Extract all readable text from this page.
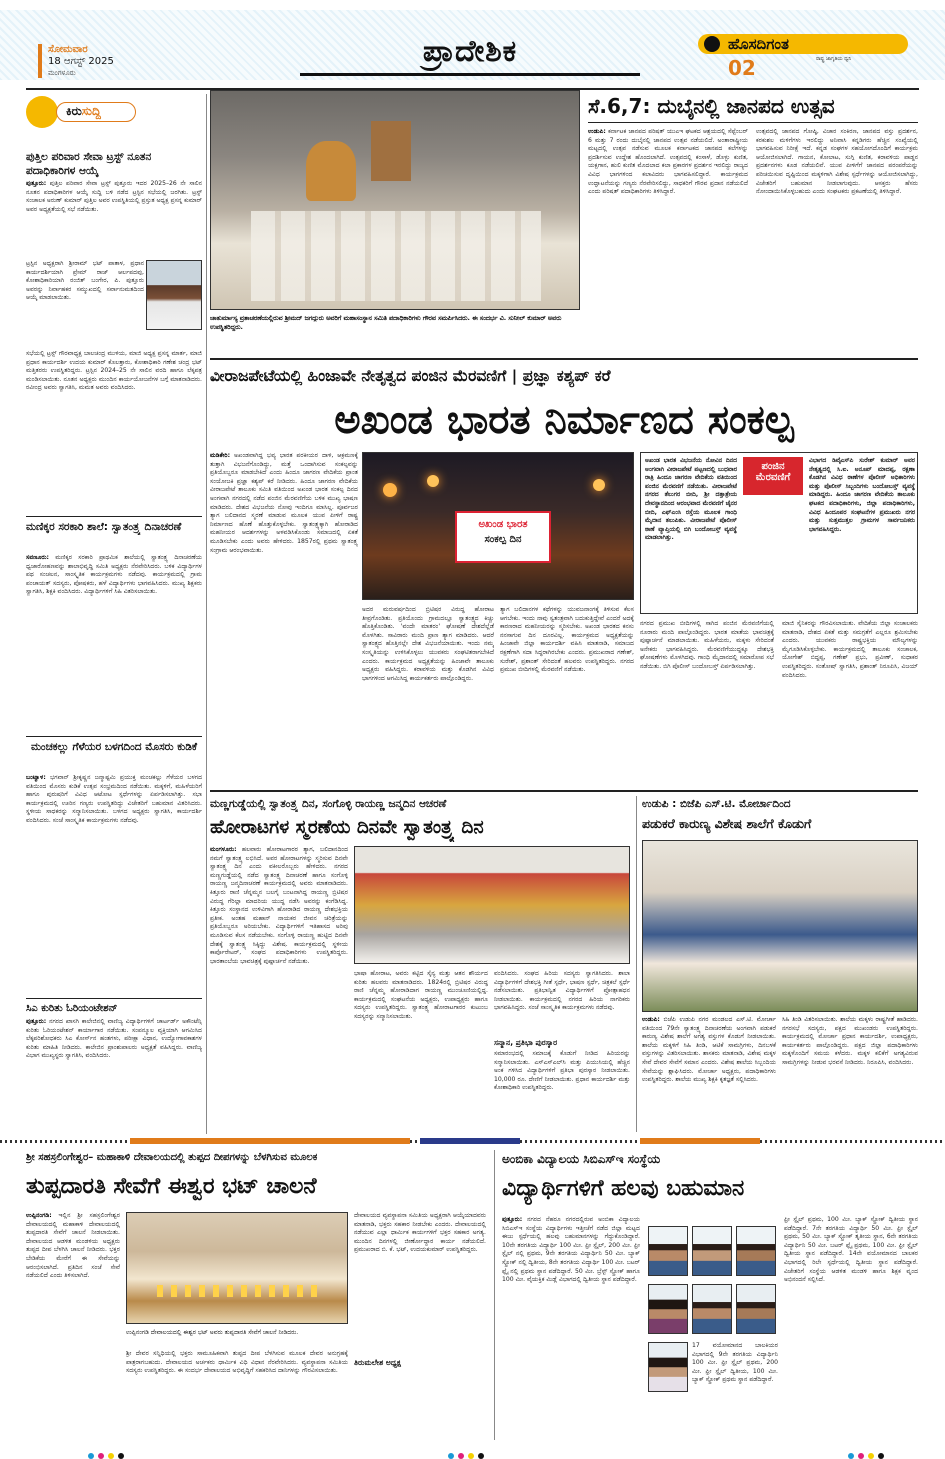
ಸೋಮವಾರ
18 ಆಗಸ್ಟ್ 2025
ಮಂಗಳೂರು
ಪ್ರಾದೇಶಿಕ	ಹೊಸದಿಗಂತ
ರಾಷ್ಟ್ರ ಜಾಗೃತಿಯ ಧ್ವನಿ
02
ಕಿರುಸುದ್ದಿ
ಪುತ್ತಿಲ ಪರಿವಾರ ಸೇವಾ ಟ್ರಸ್ಟ್ ನೂತನ ಪದಾಧಿಕಾರಿಗಳ ಆಯ್ಕೆ
ಪುತ್ತೂರು: ಪುತ್ತಿಲ ಪರಿವಾರ ಸೇವಾ ಟ್ರಸ್ಟ್ ಪುತ್ತೂರು ಇದರ 2025–26 ನೇ ಸಾಲಿನ ನೂತನ ಪದಾಧಿಕಾರಿಗಳ ಆಯ್ಕೆ ಸುದ್ದಿ ಬಳಿ ನಡೆದ ಟ್ರಸ್ಟಿನ ಸಭೆಯಲ್ಲಿ ಜರಗಿತು. ಟ್ರಸ್ಟ್ ಸಂಚಾಲಕ ಅರುಣ್ ಕುಮಾರ್ ಪುತ್ತಿಲ ಅವರ ಉಪಸ್ಥಿತಿಯಲ್ಲಿ ಪ್ರಸ್ತುತ ಅಧ್ಯಕ್ಷ ಪ್ರಸನ್ನ ಕುಮಾರ್ ಅವರ ಅಧ್ಯಕ್ಷತೆಯಲ್ಲಿ ಸಭೆ ನಡೆಯಿತು.
ಟ್ರಸ್ಟಿನ ಅಧ್ಯಕ್ಷರಾಗಿ ಶ್ರೀರಾಮ್ ಭಟ್ ಪಾತಾಳ, ಪ್ರಧಾನ ಕಾರ್ಯದರ್ಶಿಯಾಗಿ ಪ್ರೇಮ್ ರಾಜ್ ಆರ್ಲಪದವು, ಕೋಶಾಧಿಕಾರಿಯಾಗಿ ರಂಜಿತ್ ಬಂಗೇರ, ಪಿ. ಪುತ್ತೂರು ಅವರನ್ನು ನಿರ್ವಾಹಕರ ಸಮ್ಮುಖದಲ್ಲಿ ಸರ್ವಾನುಮತದಿಂದ ಆಯ್ಕೆ ಮಾಡಲಾಯಿತು.
ಸಭೆಯಲ್ಲಿ ಟ್ರಸ್ಟ್ ಗೌರವಾಧ್ಯಕ್ಷ ಬಾಲಚಂದ್ರ ಮುಳಿಯ, ಮಾಜಿ ಅಧ್ಯಕ್ಷ ಪ್ರಸನ್ನ ಮಾರ್ತ, ಮಾಜಿ ಪ್ರಧಾನ ಕಾರ್ಯದರ್ಶಿ ಉದಯ ಕುಮಾರ್ ಕೊಲತ್ತಾರು, ಕೋಶಾಧಿಕಾರಿ ಗಣೇಶ ಚಂದ್ರ ಭಟ್ ಮತ್ತಿತರರು ಉಪಸ್ಥಿತರಿದ್ದರು. ಟ್ರಸ್ಟಿನ 2024–25 ನೇ ಸಾಲಿನ ವರದಿ ಹಾಗೂ ಲೆಕ್ಕಪತ್ರ ಮಂಡಿಸಲಾಯಿತು. ನೂತನ ಅಧ್ಯಕ್ಷರು ಮುಂದಿನ ಕಾರ್ಯಯೋಜನೆಗಳ ಬಗ್ಗೆ ಮಾತನಾಡಿದರು. ರವೀಂದ್ರ ಅವರು ಸ್ವಾಗತಿಸಿ, ಮಮತ ಅವರು ವಂದಿಸಿದರು.
ಮಣಿಕ್ಕರ ಸರಕಾರಿ ಶಾಲೆ: ಸ್ವಾತಂತ್ರ್ಯ ದಿನಾಚರಣೆ
ಸವಣೂರು: ಮಣಿಕ್ಕರ ಸರಕಾರಿ ಪ್ರಾಥಮಿಕ ಶಾಲೆಯಲ್ಲಿ ಸ್ವಾತಂತ್ರ್ಯ ದಿನಾಚರಣೆಯ ಧ್ವಜಾರೋಹಣವನ್ನು ಶಾಲಾಭಿವೃದ್ಧಿ ಸಮಿತಿ ಅಧ್ಯಕ್ಷರು ನೆರವೇರಿಸಿದರು. ಬಳಿಕ ವಿದ್ಯಾರ್ಥಿಗಳ ಪಥ ಸಂಚಲನ, ಸಾಂಸ್ಕೃತಿಕ ಕಾರ್ಯಕ್ರಮಗಳು ನಡೆದವು. ಕಾರ್ಯಕ್ರಮದಲ್ಲಿ ಗ್ರಾಮ ಪಂಚಾಯತ್ ಸದಸ್ಯರು, ಪೋಷಕರು, ಹಳೆ ವಿದ್ಯಾರ್ಥಿಗಳು ಭಾಗವಹಿಸಿದರು. ಮುಖ್ಯ ಶಿಕ್ಷಕರು ಸ್ವಾಗತಿಸಿ, ಶಿಕ್ಷಕಿ ವಂದಿಸಿದರು. ವಿದ್ಯಾರ್ಥಿಗಳಿಗೆ ಸಿಹಿ ವಿತರಿಸಲಾಯಿತು.
ಮಂಚಕಲ್ಲು ಗೆಳೆಯರ ಬಳಗದಿಂದ ಮೊಸರು ಕುಡಿಕೆ
ಬಂಟ್ವಾಳ: ಭಗವಾನ್ ಶ್ರೀಕೃಷ್ಣನ ಜನ್ಮಾಷ್ಟಮಿ ಪ್ರಯುಕ್ತ ಮಂಚಕಲ್ಲು ಗೆಳೆಯರ ಬಳಗದ ವತಿಯಿಂದ ಮೊಸರು ಕುಡಿಕೆ ಉತ್ಸವ ಸಂಭ್ರಮದಿಂದ ನಡೆಯಿತು. ಮಕ್ಕಳಿಗೆ, ಮಹಿಳೆಯರಿಗೆ ಹಾಗೂ ಪುರುಷರಿಗೆ ವಿವಿಧ ಆಟೋಟ ಸ್ಪರ್ಧೆಗಳನ್ನು ಏರ್ಪಡಿಸಲಾಗಿತ್ತು. ಸಭಾ ಕಾರ್ಯಕ್ರಮದಲ್ಲಿ ಊರಿನ ಗಣ್ಯರು ಉಪಸ್ಥಿತರಿದ್ದು ವಿಜೇತರಿಗೆ ಬಹುಮಾನ ವಿತರಿಸಿದರು. ಸ್ಥಳೀಯ ಸಾಧಕರನ್ನು ಸನ್ಮಾನಿಸಲಾಯಿತು. ಬಳಗದ ಅಧ್ಯಕ್ಷರು ಸ್ವಾಗತಿಸಿ, ಕಾರ್ಯದರ್ಶಿ ವಂದಿಸಿದರು. ಸಂಜೆ ಸಾಂಸ್ಕೃತಿಕ ಕಾರ್ಯಕ್ರಮಗಳು ನಡೆದವು.
ಸಿಎ ಕುರಿತು ಓರಿಯಂಟೇಶನ್
ಪುತ್ತೂರು: ನಗರದ ಖಾಸಗಿ ಕಾಲೇಜಿನಲ್ಲಿ ವಾಣಿಜ್ಯ ವಿದ್ಯಾರ್ಥಿಗಳಿಗೆ ಚಾರ್ಟರ್ಡ್ ಅಕೌಂಟೆನ್ಸಿ ಕುರಿತು ಓರಿಯಂಟೇಶನ್ ಕಾರ್ಯಾಗಾರ ನಡೆಯಿತು. ಸಂಪನ್ಮೂಲ ವ್ಯಕ್ತಿಯಾಗಿ ಆಗಮಿಸಿದ ಲೆಕ್ಕಪರಿಶೋಧಕರು ಸಿಎ ಕೋರ್ಸ್‌ನ ಹಂತಗಳು, ಪರೀಕ್ಷಾ ವಿಧಾನ, ಉದ್ಯೋಗಾವಕಾಶಗಳ ಕುರಿತು ಮಾಹಿತಿ ನೀಡಿದರು. ಕಾಲೇಜಿನ ಪ್ರಾಂಶುಪಾಲರು ಅಧ್ಯಕ್ಷತೆ ವಹಿಸಿದ್ದರು. ವಾಣಿಜ್ಯ ವಿಭಾಗ ಮುಖ್ಯಸ್ಥರು ಸ್ವಾಗತಿಸಿ, ವಂದಿಸಿದರು.
ಚಾತುರ್ಮಾಸ್ಯ ವ್ರತಾಚರಣೆಯಲ್ಲಿರುವ ಶ್ರೀಮದ್ ಜಗದ್ಗುರು ಅವರಿಗೆ ಮಹಾಸಂಸ್ಥಾನ ಸಮಿತಿ ಪದಾಧಿಕಾರಿಗಳು ಗೌರವ ಸಮರ್ಪಿಸಿದರು. ಈ ಸಂದರ್ಭ ವಿ. ಸುನೀಲ್ ಕುಮಾರ್ ಅವರು ಉಪಸ್ಥಿತರಿದ್ದರು.
ಸೆ.6,7: ದುಬೈನಲ್ಲಿ ಜಾನಪದ ಉತ್ಸವ
ಉಡುಪಿ: ಕರ್ನಾಟಕ ಜಾನಪದ ಪರಿಷತ್ ಯುಎಇ ಘಟಕದ ಆಶ್ರಯದಲ್ಲಿ ಸೆಪ್ಟೆಂಬರ್ 6 ಮತ್ತು 7 ರಂದು ದುಬೈನಲ್ಲಿ ಜಾನಪದ ಉತ್ಸವ ನಡೆಯಲಿದೆ. ಅಂತಾರಾಷ್ಟ್ರೀಯ ಮಟ್ಟದಲ್ಲಿ ಉತ್ಸವ ನಡೆಸುವ ಮೂಲಕ ಕರ್ನಾಟಕದ ಜಾನಪದ ಕಲೆಗಳನ್ನು ಪ್ರದರ್ಶಿಸುವ ಉದ್ದೇಶ ಹೊಂದಲಾಗಿದೆ. ಉತ್ಸವದಲ್ಲಿ ಕಂಸಾಳೆ, ಡೊಳ್ಳು ಕುಣಿತ, ಯಕ್ಷಗಾನ, ಹುಲಿ ಕುಣಿತ ಮೊದಲಾದ ಕಲಾ ಪ್ರಕಾರಗಳ ಪ್ರದರ್ಶನ ಇರಲಿದ್ದು ರಾಜ್ಯದ ವಿವಿಧ ಭಾಗಗಳಿಂದ ಕಲಾವಿದರು ಭಾಗವಹಿಸಲಿದ್ದಾರೆ. ಕಾರ್ಯಕ್ರಮದ ಉದ್ಘಾಟನೆಯನ್ನು ಗಣ್ಯರು ನೆರವೇರಿಸಲಿದ್ದು, ಸಾಧಕರಿಗೆ ಗೌರವ ಪ್ರದಾನ ನಡೆಯಲಿದೆ ಎಂದು ಪರಿಷತ್ ಪದಾಧಿಕಾರಿಗಳು ತಿಳಿಸಿದ್ದಾರೆ.
ಉತ್ಸವದಲ್ಲಿ ಜಾನಪದ ಗೋಷ್ಠಿ, ವಿಚಾರ ಸಂಕಿರಣ, ಜಾನಪದ ವಸ್ತು ಪ್ರದರ್ಶನ, ಕರಕುಶಲ ಮಳಿಗೆಗಳು ಇರಲಿದ್ದು ಅನಿವಾಸಿ ಕನ್ನಡಿಗರು ಹೆಚ್ಚಿನ ಸಂಖ್ಯೆಯಲ್ಲಿ ಭಾಗವಹಿಸುವ ನಿರೀಕ್ಷೆ ಇದೆ. ಕನ್ನಡ ಸಂಘಗಳ ಸಹಯೋಗದೊಂದಿಗೆ ಕಾರ್ಯಕ್ರಮ ಆಯೋಜಿಸಲಾಗಿದೆ. ಗಾಯನ, ಕೋಲಾಟ, ಸುಗ್ಗಿ ಕುಣಿತ, ಕರಾವಳಿಯ ಪಾಡ್ದನ ಪ್ರದರ್ಶನಗಳು ಕೂಡ ನಡೆಯಲಿವೆ. ಯುವ ಪೀಳಿಗೆಗೆ ಜಾನಪದ ಪರಂಪರೆಯನ್ನು ಪರಿಚಯಿಸುವ ದೃಷ್ಟಿಯಿಂದ ಮಕ್ಕಳಿಗಾಗಿ ವಿಶೇಷ ಸ್ಪರ್ಧೆಗಳನ್ನು ಆಯೋಜಿಸಲಾಗಿದ್ದು, ವಿಜೇತರಿಗೆ ಬಹುಮಾನ ನೀಡಲಾಗುವುದು. ಆಸಕ್ತರು ಹೆಸರು ನೋಂದಾಯಿಸಿಕೊಳ್ಳಬಹುದು ಎಂದು ಸಂಘಟಕರು ಪ್ರಕಟಣೆಯಲ್ಲಿ ತಿಳಿಸಿದ್ದಾರೆ.
ವೀರಾಜಪೇಟೆಯಲ್ಲಿ ಹಿಂಜಾವೇ ನೇತೃತ್ವದ ಪಂಜಿನ ಮೆರವಣಿಗೆ | ಪ್ರಜ್ಞಾ ಕಶ್ಯಪ್ ಕರೆ
ಅಖಂಡ ಭಾರತ ನಿರ್ಮಾಣದ ಸಂಕಲ್ಪ
ಮಡಿಕೇರಿ: ಅಖಂಡವಾಗಿದ್ದ ಭವ್ಯ ಭಾರತ ಪರಕೀಯರ ದಾಳಿ, ಆಕ್ರಮಣಕ್ಕೆ ತುತ್ತಾಗಿ ವಿಭಜನೆಗೊಂಡಿದ್ದು, ಮತ್ತೆ ಒಂದಾಗಿಸುವ ಸಂಕಲ್ಪವನ್ನು ಪ್ರತಿಯೊಬ್ಬರೂ ಮಾಡಬೇಕಿದೆ ಎಂದು ಹಿಂದೂ ಜಾಗರಣ ವೇದಿಕೆಯ ಪ್ರಾಂತ ಸಂಯೋಜಕಿ ಪ್ರಜ್ಞಾ ಕಶ್ಯಪ್ ಕರೆ ನೀಡಿದರು. ಹಿಂದೂ ಜಾಗರಣ ವೇದಿಕೆಯ ವೀರಾಜಪೇಟೆ ತಾಲೂಕು ಸಮಿತಿ ವತಿಯಿಂದ ಅಖಂಡ ಭಾರತ ಸಂಕಲ್ಪ ದಿನದ ಅಂಗವಾಗಿ ನಗರದಲ್ಲಿ ನಡೆದ ಪಂಜಿನ ಮೆರವಣಿಗೆಯ ಬಳಿಕ ಮುಖ್ಯ ಭಾಷಣ ಮಾಡಿದರು. ದೇಶದ ವಿಭಜನೆಯ ನೋವು ಇಂದಿಗೂ ಮಾಸಿಲ್ಲ. ಪೂರ್ವಜರ ತ್ಯಾಗ ಬಲಿದಾನದ ಸ್ಮರಣೆ ಮಾಡುವ ಮೂಲಕ ಯುವ ಪೀಳಿಗೆ ರಾಷ್ಟ್ರ ನಿರ್ಮಾಣದ ಹೊಣೆ ಹೊತ್ತುಕೊಳ್ಳಬೇಕು. ಸ್ವಾತಂತ್ರ್ಯಕ್ಕಾಗಿ ಹೋರಾಡಿದ ಮಹನೀಯರ ಆದರ್ಶಗಳನ್ನು ಅಳವಡಿಸಿಕೊಂಡು ಸಮಾಜದಲ್ಲಿ ಏಕತೆ ಮೂಡಿಸಬೇಕು ಎಂದು ಅವರು ಹೇಳಿದರು. 1857ರಲ್ಲಿ ಪ್ರಥಮ ಸ್ವಾತಂತ್ರ್ಯ ಸಂಗ್ರಾಮ ಆರಂಭವಾಯಿತು.
ಅಖಂಡ ಭಾರತ
ಸಂಕಲ್ಪ ದಿನ
ಅದರ ಮರುವರ್ಷದಿಂದ ಬ್ರಿಟಿಷರ ವಿರುದ್ಧ ಹೋರಾಟ ತೀವ್ರಗೊಂಡಿತು. ಪ್ರತಿಯೊಂದು ಗ್ರಾಮದಲ್ಲೂ ಸ್ವಾತಂತ್ರ್ಯದ ಕಿಚ್ಚು ಹೊತ್ತಿಕೊಂಡಿತು. 'ವಂದೇ ಮಾತರಂ' ಘೋಷಣೆ ದೇಶದೆಲ್ಲೆಡೆ ಮೊಳಗಿತು. ಸಾವಿರಾರು ಮಂದಿ ಪ್ರಾಣ ತ್ಯಾಗ ಮಾಡಿದರು. ಆದರೆ ಸ್ವಾತಂತ್ರ್ಯದ ಹೊತ್ತಿನಲ್ಲೇ ದೇಶ ವಿಭಜನೆಯಾಯಿತು. ಇಂದು ನಮ್ಮ ಸಂಸ್ಕೃತಿಯನ್ನು ಉಳಿಸಿಕೊಳ್ಳಲು ಯುವಕರು ಸಂಘಟಿತರಾಗಬೇಕಿದೆ ಎಂದರು. ಕಾರ್ಯಕ್ರಮದ ಅಧ್ಯಕ್ಷತೆಯನ್ನು ಹಿಂಜಾವೇ ತಾಲೂಕು ಅಧ್ಯಕ್ಷರು ವಹಿಸಿದ್ದರು. ಕರಾವಳಿಯ ಮತ್ತು ಕೊಡಗಿನ ವಿವಿಧ ಭಾಗಗಳಿಂದ ಆಗಮಿಸಿದ್ದ ಕಾರ್ಯಕರ್ತರು ಪಾಲ್ಗೊಂಡಿದ್ದರು.
ತ್ಯಾಗ ಬಲಿದಾನಗಳ ಕಥೆಗಳನ್ನು ಯುವಜನಾಂಗಕ್ಕೆ ತಿಳಿಸುವ ಕೆಲಸ ಆಗಬೇಕು. ಇಂದು ನಾವು ಸ್ವತಂತ್ರವಾಗಿ ಬದುಕುತ್ತಿದ್ದೇವೆ ಎಂದರೆ ಅದಕ್ಕೆ ಕಾರಣರಾದ ಮಹನೀಯರನ್ನು ಸ್ಮರಿಸಬೇಕು. ಅಖಂಡ ಭಾರತದ ಕನಸು ನನಸಾಗುವ ದಿನ ದೂರವಿಲ್ಲ. ಕಾರ್ಯಕ್ರಮದ ಅಧ್ಯಕ್ಷತೆಯನ್ನು ಹಿಂಜಾವೇ ಜಿಲ್ಲಾ ಕಾರ್ಯದರ್ಶಿ ವಹಿಸಿ ಮಾತನಾಡಿ, ಸಮಾಜದ ರಕ್ಷಣೆಗಾಗಿ ಸದಾ ಸಿದ್ಧರಾಗಿರಬೇಕು ಎಂದರು. ಪ್ರಮುಖರಾದ ಗಣೇಶ್, ಸುರೇಶ್, ಪ್ರಶಾಂತ್ ಸೇರಿದಂತೆ ಹಲವರು ಉಪಸ್ಥಿತರಿದ್ದರು. ನಗರದ ಪ್ರಮುಖ ಬೀದಿಗಳಲ್ಲಿ ಮೆರವಣಿಗೆ ನಡೆಯಿತು.
ಅಖಂಡ ಭಾರತ ವಿಭಜನೆಯ ನೋವಿನ ದಿನದ ಅಂಗವಾಗಿ ವೀರಾಜಪೇಟೆ ಪಟ್ಟಣದಲ್ಲಿ ಬುಧವಾರ ರಾತ್ರಿ ಹಿಂದೂ ಜಾಗರಣ ವೇದಿಕೆಯ ವತಿಯಿಂದ ಪಂಜಿನ ಮೆರವಣಿಗೆ ನಡೆಯಿತು. ವೀರಾಜಪೇಟೆ ನಗರದ ತೆಲುಗರ ಬೀದಿ, ಶ್ರೀ ದತ್ತಾತ್ರೇಯ ದೇವಸ್ಥಾನದಿಂದ ಆರಂಭವಾದ ಮೆರವಣಿಗೆ ಜೈನರ ಬೀದಿ, ಎಫ್‌ಎಂಸಿ ರಸ್ತೆಯ ಮೂಲಕ ಗಾಂಧಿ ಮೈದಾನ ತಲುಪಿತು. ವೀರಾಜಪೇಟೆ ಪೊಲೀಸ್ ಠಾಣೆ ವ್ಯಾಪ್ತಿಯಲ್ಲಿ ಬಿಗಿ ಬಂದೋಬಸ್ತ್ ವ್ಯವಸ್ಥೆ ಮಾಡಲಾಗಿತ್ತು.
ಪಂಜಿನ
ಮೆರವಣಿಗೆ
ವಿಭಾಗದ ಡಿವೈಎಸ್‌ಪಿ ಸುರೇಶ್ ಕುಮಾರ್ ಅವರ ನೇತೃತ್ವದಲ್ಲಿ ಸಿ.ಐ. ಅನೂಪ್ ಮಾದಪ್ಪ, ರಕ್ಷಣಾ ಕೊಡಗಿನ ವಿವಿಧ ಠಾಣೆಗಳ ಪೊಲೀಸ್ ಅಧಿಕಾರಿಗಳು ಮತ್ತು ಪೊಲೀಸ್ ಸಿಬ್ಬಂದಿಗಳು ಬಂದೋಬಸ್ತ್ ವ್ಯವಸ್ಥೆ ಮಾಡಿದ್ದರು. ಹಿಂದೂ ಜಾಗರಣ ವೇದಿಕೆಯ ತಾಲೂಕು ಘಟಕದ ಪದಾಧಿಕಾರಿಗಳು, ಜಿಲ್ಲಾ ಪದಾಧಿಕಾರಿಗಳು, ವಿವಿಧ ಹಿಂದೂಪರ ಸಂಘಟನೆಗಳ ಪ್ರಮುಖರು ನಗರ ಮತ್ತು ಸುತ್ತಮುತ್ತಲ ಗ್ರಾಮಗಳ ಸಾರ್ವಜನಿಕರು ಭಾಗವಹಿಸಿದ್ದರು.
ನಗರದ ಪ್ರಮುಖ ಬೀದಿಗಳಲ್ಲಿ ಸಾಗಿದ ಪಂಜಿನ ಮೆರವಣಿಗೆಯಲ್ಲಿ ನೂರಾರು ಮಂದಿ ಪಾಲ್ಗೊಂಡಿದ್ದರು. ಭಾರತ ಮಾತೆಯ ಭಾವಚಿತ್ರಕ್ಕೆ ಪುಷ್ಪಾರ್ಚನೆ ಮಾಡಲಾಯಿತು. ಮಹಿಳೆಯರು, ಮಕ್ಕಳು ಸೇರಿದಂತೆ ಅನೇಕರು ಭಾಗವಹಿಸಿದ್ದರು. ಮೆರವಣಿಗೆಯುದ್ದಕ್ಕೂ ದೇಶಭಕ್ತಿ ಘೋಷಣೆಗಳು ಮೊಳಗಿದವು. ಗಾಂಧಿ ಮೈದಾನದಲ್ಲಿ ಸಮಾರೋಪ ಸಭೆ ನಡೆಯಿತು. ಬಿಗಿ ಪೊಲೀಸ್ ಬಂದೋಬಸ್ತ್ ಏರ್ಪಡಿಸಲಾಗಿತ್ತು.
ಮಾಜಿ ಸೈನಿಕರನ್ನು ಗೌರವಿಸಲಾಯಿತು. ವೇದಿಕೆಯ ಜಿಲ್ಲಾ ಸಂಚಾಲಕರು ಮಾತನಾಡಿ, ದೇಶದ ಏಕತೆ ಮತ್ತು ಸಮಗ್ರತೆಗೆ ಎಲ್ಲರೂ ಶ್ರಮಿಸಬೇಕು ಎಂದರು. ಯುವಕರು ರಾಷ್ಟ್ರಭಕ್ತಿಯ ಮೌಲ್ಯಗಳನ್ನು ಮೈಗೂಡಿಸಿಕೊಳ್ಳಬೇಕು. ಕಾರ್ಯಕ್ರಮದಲ್ಲಿ ತಾಲೂಕು ಸಂಚಾಲಕ, ಯೋಗೇಶ್ ಬಿದ್ದಪ್ಪ, ಗಣೇಶ್ ಪ್ರಭು, ಪ್ರವೀಣ್, ಸುಧಾಕರ ಉಪಸ್ಥಿತರಿದ್ದರು. ಸಂತೋಷ್ ಸ್ವಾಗತಿಸಿ, ಪ್ರಶಾಂತ್ ನಿರೂಪಿಸಿ, ವಿಜಯ್ ವಂದಿಸಿದರು.
ಮಣ್ಣಗುಡ್ಡೆಯಲ್ಲಿ ಸ್ವಾತಂತ್ರ್ಯ ದಿನ, ಸಂಗೊಳ್ಳಿ ರಾಯಣ್ಣ ಜನ್ಮದಿನ ಆಚರಣೆ
ಹೋರಾಟಗಳ ಸ್ಮರಣೆಯ ದಿನವೇ ಸ್ವಾತಂತ್ರ್ಯ ದಿನ
ಮಂಗಳೂರು: ಹಲವಾರು ಹೋರಾಟಗಾರರ ತ್ಯಾಗ, ಬಲಿದಾನದಿಂದ ನಮಗೆ ಸ್ವಾತಂತ್ರ್ಯ ಲಭಿಸಿದೆ. ಅವರ ಹೋರಾಟಗಳನ್ನು ಸ್ಮರಿಸುವ ದಿನವೇ ಸ್ವಾತಂತ್ರ್ಯ ದಿನ ಎಂದು ವಕೀಲರೊಬ್ಬರು ಹೇಳಿದರು. ನಗರದ ಮಣ್ಣಗುಡ್ಡೆಯಲ್ಲಿ ನಡೆದ ಸ್ವಾತಂತ್ರ್ಯ ದಿನಾಚರಣೆ ಹಾಗೂ ಸಂಗೊಳ್ಳಿ ರಾಯಣ್ಣ ಜನ್ಮದಿನಾಚರಣೆ ಕಾರ್ಯಕ್ರಮದಲ್ಲಿ ಅವರು ಮಾತನಾಡಿದರು. ಕಿತ್ತೂರು ರಾಣಿ ಚೆನ್ನಮ್ಮನ ಬಲಗೈ ಬಂಟನಾಗಿದ್ದ ರಾಯಣ್ಣ ಬ್ರಿಟಿಷರ ವಿರುದ್ಧ ಗೆರಿಲ್ಲಾ ಮಾದರಿಯ ಯುದ್ಧ ನಡೆಸಿ ಅವರನ್ನು ಕಂಗೆಡಿಸಿದ್ದ. ಕಿತ್ತೂರು ಸಂಸ್ಥಾನದ ಉಳಿವಿಗಾಗಿ ಹೋರಾಡಿದ ರಾಯಣ್ಣ ದೇಶಭಕ್ತಿಯ ಪ್ರತೀಕ. ಅಂತಹ ಮಹಾನ್ ನಾಯಕರ ಜೀವನ ಚರಿತ್ರೆಯನ್ನು ಪ್ರತಿಯೊಬ್ಬರೂ ಅರಿಯಬೇಕು. ವಿದ್ಯಾರ್ಥಿಗಳಿಗೆ ಇತಿಹಾಸದ ಅರಿವು ಮೂಡಿಸುವ ಕೆಲಸ ನಡೆಯಬೇಕು. ಸಂಗೊಳ್ಳಿ ರಾಯಣ್ಣ ಹುಟ್ಟಿದ ದಿನವೇ ದೇಶಕ್ಕೆ ಸ್ವಾತಂತ್ರ್ಯ ಸಿಕ್ಕಿದ್ದು ವಿಶೇಷ. ಕಾರ್ಯಕ್ರಮದಲ್ಲಿ ಸ್ಥಳೀಯ ಕಾರ್ಪೊರೇಟರ್, ಸಂಘದ ಪದಾಧಿಕಾರಿಗಳು ಉಪಸ್ಥಿತರಿದ್ದರು. ಭಾರತಾಂಬೆಯ ಭಾವಚಿತ್ರಕ್ಕೆ ಪುಷ್ಪಾರ್ಚನೆ ನಡೆಯಿತು.
ಭಾಷಾ ಹೋರಾಟ, ಅವರು ಕಟ್ಟಿದ ಸೈನ್ಯ ಮತ್ತು ಆತನ ಶೌರ್ಯದ ಕುರಿತು ಹಲವರು ಮಾತನಾಡಿದರು. 1824ರಲ್ಲಿ ಬ್ರಿಟಿಷರ ವಿರುದ್ಧ ರಾಣಿ ಚೆನ್ನಮ್ಮ ಹೋರಾಡಿದಾಗ ರಾಯಣ್ಣ ಮುಂಚೂಣಿಯಲ್ಲಿದ್ದ. ಕಾರ್ಯಕ್ರಮದಲ್ಲಿ ಸಂಘಟನೆಯ ಅಧ್ಯಕ್ಷರು, ಉಪಾಧ್ಯಕ್ಷರು ಹಾಗೂ ಸದಸ್ಯರು ಉಪಸ್ಥಿತರಿದ್ದರು. ಸ್ವಾತಂತ್ರ್ಯ ಹೋರಾಟಗಾರರ ಕುಟುಂಬ ಸದಸ್ಯರನ್ನು ಸನ್ಮಾನಿಸಲಾಯಿತು.
ವಂದಿಸಿದರು. ಸಂಘದ ಹಿರಿಯ ಸದಸ್ಯರು ಸ್ವಾಗತಿಸಿದರು. ಶಾಲಾ ವಿದ್ಯಾರ್ಥಿಗಳಿಗೆ ದೇಶಭಕ್ತಿ ಗೀತೆ ಸ್ಪರ್ಧೆ, ಭಾಷಣ ಸ್ಪರ್ಧೆ, ಚಿತ್ರಕಲೆ ಸ್ಪರ್ಧೆ ನಡೆಸಲಾಯಿತು. ಪ್ರತಿಭಾನ್ವಿತ ವಿದ್ಯಾರ್ಥಿಗಳಿಗೆ ಪ್ರೋತ್ಸಾಹಧನ ನೀಡಲಾಯಿತು. ಕಾರ್ಯಕ್ರಮದಲ್ಲಿ ನಗರದ ಹಿರಿಯ ನಾಗರಿಕರು ಭಾಗವಹಿಸಿದ್ದರು. ಸಂಜೆ ಸಾಂಸ್ಕೃತಿಕ ಕಾರ್ಯಕ್ರಮಗಳು ನಡೆದವು.
ಸನ್ಮಾನ, ಪ್ರತಿಭಾ ಪುರಸ್ಕಾರ
ಸಮಾರಂಭದಲ್ಲಿ ಸಮಾಜಕ್ಕೆ ಕೊಡುಗೆ ನೀಡಿದ ಹಿರಿಯರನ್ನು ಸನ್ಮಾನಿಸಲಾಯಿತು. ಎಸ್‌ಎಸ್‌ಎಲ್‌ಸಿ ಮತ್ತು ಪಿಯುಸಿಯಲ್ಲಿ ಹೆಚ್ಚಿನ ಅಂಕ ಗಳಿಸಿದ ವಿದ್ಯಾರ್ಥಿಗಳಿಗೆ ಪ್ರತಿಭಾ ಪುರಸ್ಕಾರ ನೀಡಲಾಯಿತು. 10,000 ರೂ. ದೇಣಿಗೆ ನೀಡಲಾಯಿತು. ಪ್ರಧಾನ ಕಾರ್ಯದರ್ಶಿ ಮತ್ತು ಕೋಶಾಧಿಕಾರಿ ಉಪಸ್ಥಿತರಿದ್ದರು.
ಉಡುಪಿ : ಬಿಜೆಪಿ ಎಸ್.ಟಿ. ಮೋರ್ಚಾದಿಂದ
ಪಡುಕರೆ ಕಾರುಣ್ಯ ವಿಶೇಷ ಶಾಲೆಗೆ ಕೊಡುಗೆ
ಉಡುಪಿ: ಬಿಜೆಪಿ ಉಡುಪಿ ನಗರ ಮಂಡಲದ ಎಸ್.ಟಿ. ಮೋರ್ಚಾ ವತಿಯಿಂದ 79ನೇ ಸ್ವಾತಂತ್ರ್ಯ ದಿನಾಚರಣೆಯ ಅಂಗವಾಗಿ ಪಡುಕರೆ ಕಾರುಣ್ಯ ವಿಶೇಷ ಶಾಲೆಗೆ ಅಗತ್ಯ ವಸ್ತುಗಳ ಕೊಡುಗೆ ನೀಡಲಾಯಿತು. ಶಾಲೆಯ ಮಕ್ಕಳಿಗೆ ಸಿಹಿ ತಿಂಡಿ, ಆಟಿಕೆ ಸಾಮಗ್ರಿಗಳು, ದಿನಬಳಕೆ ವಸ್ತುಗಳನ್ನು ವಿತರಿಸಲಾಯಿತು. ಶಾಸಕರು ಮಾತನಾಡಿ, ವಿಶೇಷ ಮಕ್ಕಳ ಸೇವೆ ದೇವರ ಸೇವೆಗೆ ಸಮಾನ ಎಂದರು. ವಿಶೇಷ ಶಾಲೆಯ ಸಿಬ್ಬಂದಿಯ ಸೇವೆಯನ್ನು ಶ್ಲಾಘಿಸಿದರು. ಮೋರ್ಚಾ ಅಧ್ಯಕ್ಷರು, ಪದಾಧಿಕಾರಿಗಳು ಉಪಸ್ಥಿತರಿದ್ದರು. ಶಾಲೆಯ ಮುಖ್ಯ ಶಿಕ್ಷಕಿ ಕೃತಜ್ಞತೆ ಸಲ್ಲಿಸಿದರು.
ಸಿಹಿ ತಿಂಡಿ ವಿತರಿಸಲಾಯಿತು. ಶಾಲೆಯ ಮಕ್ಕಳು ರಾಷ್ಟ್ರಗೀತೆ ಹಾಡಿದರು. ನಗರಸಭೆ ಸದಸ್ಯರು, ಪಕ್ಷದ ಮುಖಂಡರು ಉಪಸ್ಥಿತರಿದ್ದರು. ಕಾರ್ಯಕ್ರಮದಲ್ಲಿ ಮೋರ್ಚಾ ಪ್ರಧಾನ ಕಾರ್ಯದರ್ಶಿ, ಉಪಾಧ್ಯಕ್ಷರು, ಕಾರ್ಯಕರ್ತರು ಪಾಲ್ಗೊಂಡಿದ್ದರು. ಪಕ್ಷದ ಜಿಲ್ಲಾ ಪದಾಧಿಕಾರಿಗಳು ಮಕ್ಕಳೊಂದಿಗೆ ಸಮಯ ಕಳೆದರು. ಮಕ್ಕಳ ಕಲಿಕೆಗೆ ಅಗತ್ಯವಿರುವ ಸಾಮಗ್ರಿಗಳನ್ನು ನೀಡುವ ಭರವಸೆ ನೀಡಿದರು. ನಿರೂಪಿಸಿ, ವಂದಿಸಿದರು.
ಶ್ರೀ ಸಹಸ್ರಲಿಂಗೇಶ್ವರ– ಮಹಾಕಾಳಿ ದೇವಾಲಯದಲ್ಲಿ ತುಪ್ಪದ ದೀಪಗಳನ್ನು ಬೆಳಗಿಸುವ ಮೂಲಕ
ತುಪ್ಪದಾರತಿ ಸೇವೆಗೆ ಈಶ್ವರ ಭಟ್ ಚಾಲನೆ
ಉಪ್ಪಿನಂಗಡಿ: ಇಲ್ಲಿನ ಶ್ರೀ ಸಹಸ್ರಲಿಂಗೇಶ್ವರ ದೇವಾಲಯದಲ್ಲಿ ಮಹಾಕಾಳಿ ದೇವಾಲಯದಲ್ಲಿ ತುಪ್ಪದಾರತಿ ಸೇವೆಗೆ ಚಾಲನೆ ನೀಡಲಾಯಿತು. ದೇವಾಲಯದ ಆಡಳಿತ ಮಂಡಳಿಯ ಅಧ್ಯಕ್ಷರು ತುಪ್ಪದ ದೀಪ ಬೆಳಗಿಸಿ ಚಾಲನೆ ನೀಡಿದರು. ಭಕ್ತರ ಬೇಡಿಕೆಯ ಮೇರೆಗೆ ಈ ಸೇವೆಯನ್ನು ಆರಂಭಿಸಲಾಗಿದೆ. ಪ್ರತಿದಿನ ಸಂಜೆ ಸೇವೆ ನಡೆಯಲಿದೆ ಎಂದು ತಿಳಿಸಲಾಗಿದೆ.
ಉಪ್ಪಿನಂಗಡಿ ದೇವಾಲಯದಲ್ಲಿ ಈಶ್ವರ ಭಟ್ ಅವರು ತುಪ್ಪದಾರತಿ ಸೇವೆಗೆ ಚಾಲನೆ ನೀಡಿದರು.
ಶ್ರೀ ದೇವರ ಸನ್ನಿಧಿಯಲ್ಲಿ ಭಕ್ತರು ಸಾಮೂಹಿಕವಾಗಿ ತುಪ್ಪದ ದೀಪ ಬೆಳಗಿಸುವ ಮೂಲಕ ದೇವರ ಅನುಗ್ರಹಕ್ಕೆ ಪಾತ್ರರಾಗಬಹುದು. ದೇವಾಲಯದ ಅರ್ಚಕರು ಧಾರ್ಮಿಕ ವಿಧಿ ವಿಧಾನ ನೆರವೇರಿಸಿದರು. ವ್ಯವಸ್ಥಾಪನಾ ಸಮಿತಿಯ ಸದಸ್ಯರು ಉಪಸ್ಥಿತರಿದ್ದರು. ಈ ಸಂದರ್ಭ ದೇವಾಲಯದ ಅಭಿವೃದ್ಧಿಗೆ ಸಹಕರಿಸಿದ ದಾನಿಗಳನ್ನು ಗೌರವಿಸಲಾಯಿತು.
ದೇವಾಲಯದ ವ್ಯವಸ್ಥಾಪನಾ ಸಮಿತಿಯ ಅಧ್ಯಕ್ಷರಾಗಿ ಆಯ್ಕೆಯಾದವರು ಮಾತನಾಡಿ, ಭಕ್ತರು ಸಹಕಾರ ನೀಡಬೇಕು ಎಂದರು. ದೇವಾಲಯದಲ್ಲಿ ನಡೆಯುವ ಎಲ್ಲಾ ಧಾರ್ಮಿಕ ಕಾರ್ಯಗಳಿಗೆ ಭಕ್ತರ ಸಹಕಾರ ಅಗತ್ಯ. ಮುಂದಿನ ದಿನಗಳಲ್ಲಿ ಜೀರ್ಣೋದ್ಧಾರ ಕಾರ್ಯ ನಡೆಯಲಿದೆ. ಪ್ರಮುಖರಾದ ಬಿ. ಕೆ. ಭಟ್, ಉದಯಕುಮಾರ್ ಉಪಸ್ಥಿತರಿದ್ದರು.
ತಿರುಮಲೇಶ ಅಧ್ಯಕ್ಷ
ಅಂಬಿಕಾ ವಿದ್ಯಾಲಯ ಸಿಬಿಎಸ್‌ಇ ಸಂಸ್ಥೆಯ
ವಿದ್ಯಾರ್ಥಿಗಳಿಗೆ ಹಲವು ಬಹುಮಾನ
ಪುತ್ತೂರು: ನಗರದ ನೆಹರೂ ನಗರದಲ್ಲಿರುವ ಅಂಬಿಕಾ ವಿದ್ಯಾಲಯ ಸಿಬಿಎಸ್‌ಇ ಸಂಸ್ಥೆಯ ವಿದ್ಯಾರ್ಥಿಗಳು ಇತ್ತೀಚೆಗೆ ನಡೆದ ಜಿಲ್ಲಾ ಮಟ್ಟದ ಈಜು ಸ್ಪರ್ಧೆಯಲ್ಲಿ ಹಲವು ಬಹುಮಾನಗಳನ್ನು ಗೆದ್ದುಕೊಂಡಿದ್ದಾರೆ. 10ನೇ ತರಗತಿಯ ವಿದ್ಯಾರ್ಥಿ 100 ಮೀ. ಫ್ರೀ ಸ್ಟೈಲ್, 200 ಮೀ. ಫ್ರೀ ಸ್ಟೈಲ್ ನಲ್ಲಿ ಪ್ರಥಮ, 9ನೇ ತರಗತಿಯ ವಿದ್ಯಾರ್ಥಿನಿ 50 ಮೀ. ಬ್ಯಾಕ್ ಸ್ಟ್ರೋಕ್ ನಲ್ಲಿ ದ್ವಿತೀಯ, 8ನೇ ತರಗತಿಯ ವಿದ್ಯಾರ್ಥಿ 100 ಮೀ. ಬಟರ್ ಫ್ಲೈ ನಲ್ಲಿ ಪ್ರಥಮ ಸ್ಥಾನ ಪಡೆದಿದ್ದಾರೆ. 50 ಮೀ. ಬ್ರೆಸ್ಟ್ ಸ್ಟ್ರೋಕ್ ಹಾಗೂ 100 ಮೀ. ವೈಯಕ್ತಿಕ ಮಿಡ್ಲೆ ವಿಭಾಗದಲ್ಲಿ ದ್ವಿತೀಯ ಸ್ಥಾನ ಪಡೆದಿದ್ದಾರೆ.
17 ವಯೋಮಾನದ ಬಾಲಕಿಯರ ವಿಭಾಗದಲ್ಲಿ 9ನೇ ತರಗತಿಯ ವಿದ್ಯಾರ್ಥಿನಿ 100 ಮೀ. ಫ್ರೀ ಸ್ಟೈಲ್ ಪ್ರಥಮ, 200 ಮೀ. ಫ್ರೀ ಸ್ಟೈಲ್ ದ್ವಿತೀಯ, 100 ಮೀ. ಬ್ಯಾಕ್ ಸ್ಟ್ರೋಕ್ ಪ್ರಥಮ ಸ್ಥಾನ ಪಡೆದಿದ್ದಾರೆ.
ಫ್ರೀ ಸ್ಟೈಲ್ ಪ್ರಥಮ, 100 ಮೀ. ಬ್ಯಾಕ್ ಸ್ಟ್ರೋಕ್ ದ್ವಿತೀಯ ಸ್ಥಾನ ಪಡೆದಿದ್ದಾರೆ. 7ನೇ ತರಗತಿಯ ವಿದ್ಯಾರ್ಥಿ 50 ಮೀ. ಫ್ರೀ ಸ್ಟೈಲ್ ಪ್ರಥಮ, 50 ಮೀ. ಬ್ಯಾಕ್ ಸ್ಟ್ರೋಕ್ ತೃತೀಯ ಸ್ಥಾನ, 6ನೇ ತರಗತಿಯ ವಿದ್ಯಾರ್ಥಿನಿ 50 ಮೀ. ಬಟರ್ ಫ್ಲೈ ಪ್ರಥಮ, 100 ಮೀ. ಫ್ರೀ ಸ್ಟೈಲ್ ದ್ವಿತೀಯ ಸ್ಥಾನ ಪಡೆದಿದ್ದಾರೆ. 14ನೇ ವಯೋಮಾನದ ಬಾಲಕರ ವಿಭಾಗದಲ್ಲಿ ರಿಲೇ ಸ್ಪರ್ಧೆಯಲ್ಲಿ ದ್ವಿತೀಯ ಸ್ಥಾನ ಪಡೆದಿದ್ದಾರೆ. ವಿಜೇತರಿಗೆ ಸಂಸ್ಥೆಯ ಆಡಳಿತ ಮಂಡಳಿ ಹಾಗೂ ಶಿಕ್ಷಕ ವೃಂದ ಅಭಿನಂದನೆ ಸಲ್ಲಿಸಿದೆ.
